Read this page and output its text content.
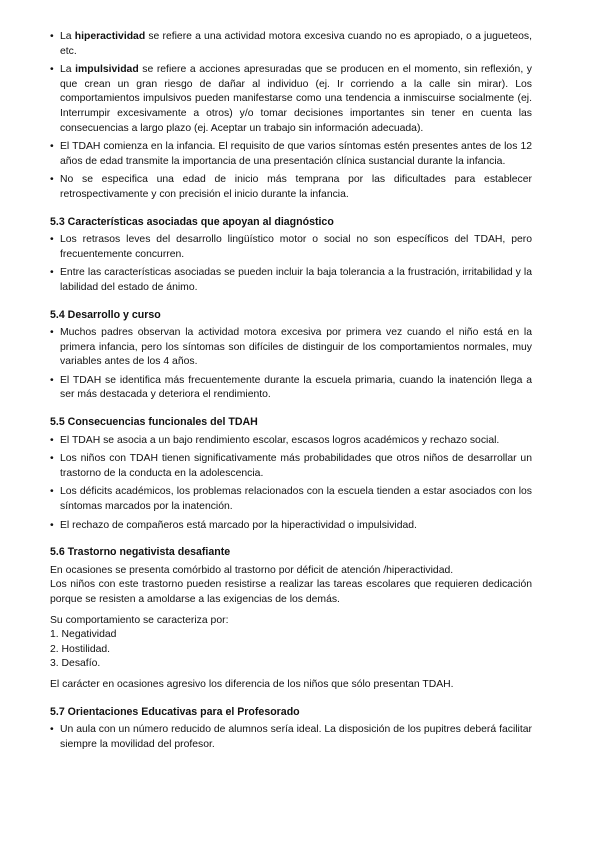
• La hiperactividad se refiere a una actividad motora excesiva cuando no es apropiado, o a jugueteos, etc.
• La impulsividad se refiere a acciones apresuradas que se producen en el momento, sin reflexión, y que crean un gran riesgo de dañar al individuo (ej. Ir corriendo a la calle sin mirar). Los comportamientos impulsivos pueden manifestarse como una tendencia a inmiscuirse socialmente (ej. Interrumpir excesivamente a otros) y/o tomar decisiones importantes sin tener en cuenta las consecuencias a largo plazo (ej. Aceptar un trabajo sin información adecuada).
• El TDAH comienza en la infancia. El requisito de que varios síntomas estén presentes antes de los 12 años de edad transmite la importancia de una presentación clínica sustancial durante la infancia.
• No se especifica una edad de inicio más temprana por las dificultades para establecer retrospectivamente y con precisión el inicio durante la infancia.
5.3 Características asociadas que apoyan al diagnóstico
• Los retrasos leves del desarrollo lingüístico motor o social no son específicos del TDAH, pero frecuentemente concurren.
• Entre las características asociadas se pueden incluir la baja tolerancia a la frustración, irritabilidad y la labilidad del estado de ánimo.
5.4 Desarrollo y curso
• Muchos padres observan la actividad motora excesiva por primera vez cuando el niño está en la primera infancia, pero los síntomas son difíciles de distinguir de los comportamientos normales, muy variables antes de los 4 años.
• El TDAH se identifica más frecuentemente durante la escuela primaria, cuando la inatención llega a ser más destacada y deteriora el rendimiento.
5.5 Consecuencias funcionales del TDAH
• El TDAH se asocia a un bajo rendimiento escolar, escasos logros académicos y rechazo social.
• Los niños con TDAH tienen significativamente más probabilidades que otros niños de desarrollar un trastorno de la conducta en la adolescencia.
• Los déficits académicos, los problemas relacionados con la escuela tienden a estar asociados con los síntomas marcados por la inatención.
• El rechazo de compañeros está marcado por la hiperactividad o impulsividad.
5.6 Trastorno negativista desafiante

En ocasiones se presenta comórbido al trastorno por déficit de atención /hiperactividad.

Los niños con este trastorno pueden resistirse a realizar las tareas escolares que requieren dedicación porque se resisten a amoldarse a las exigencias de los demás.

Su comportamiento se caracteriza por:

1. Negatividad

2. Hostilidad.

3. Desafío.

El carácter en ocasiones agresivo los diferencia de los niños que sólo presentan TDAH.

5.7 Orientaciones Educativas para el Profesorado
• Un aula con un número reducido de alumnos sería ideal. La disposición de los pupitres deberá facilitar siempre la movilidad del profesor.
